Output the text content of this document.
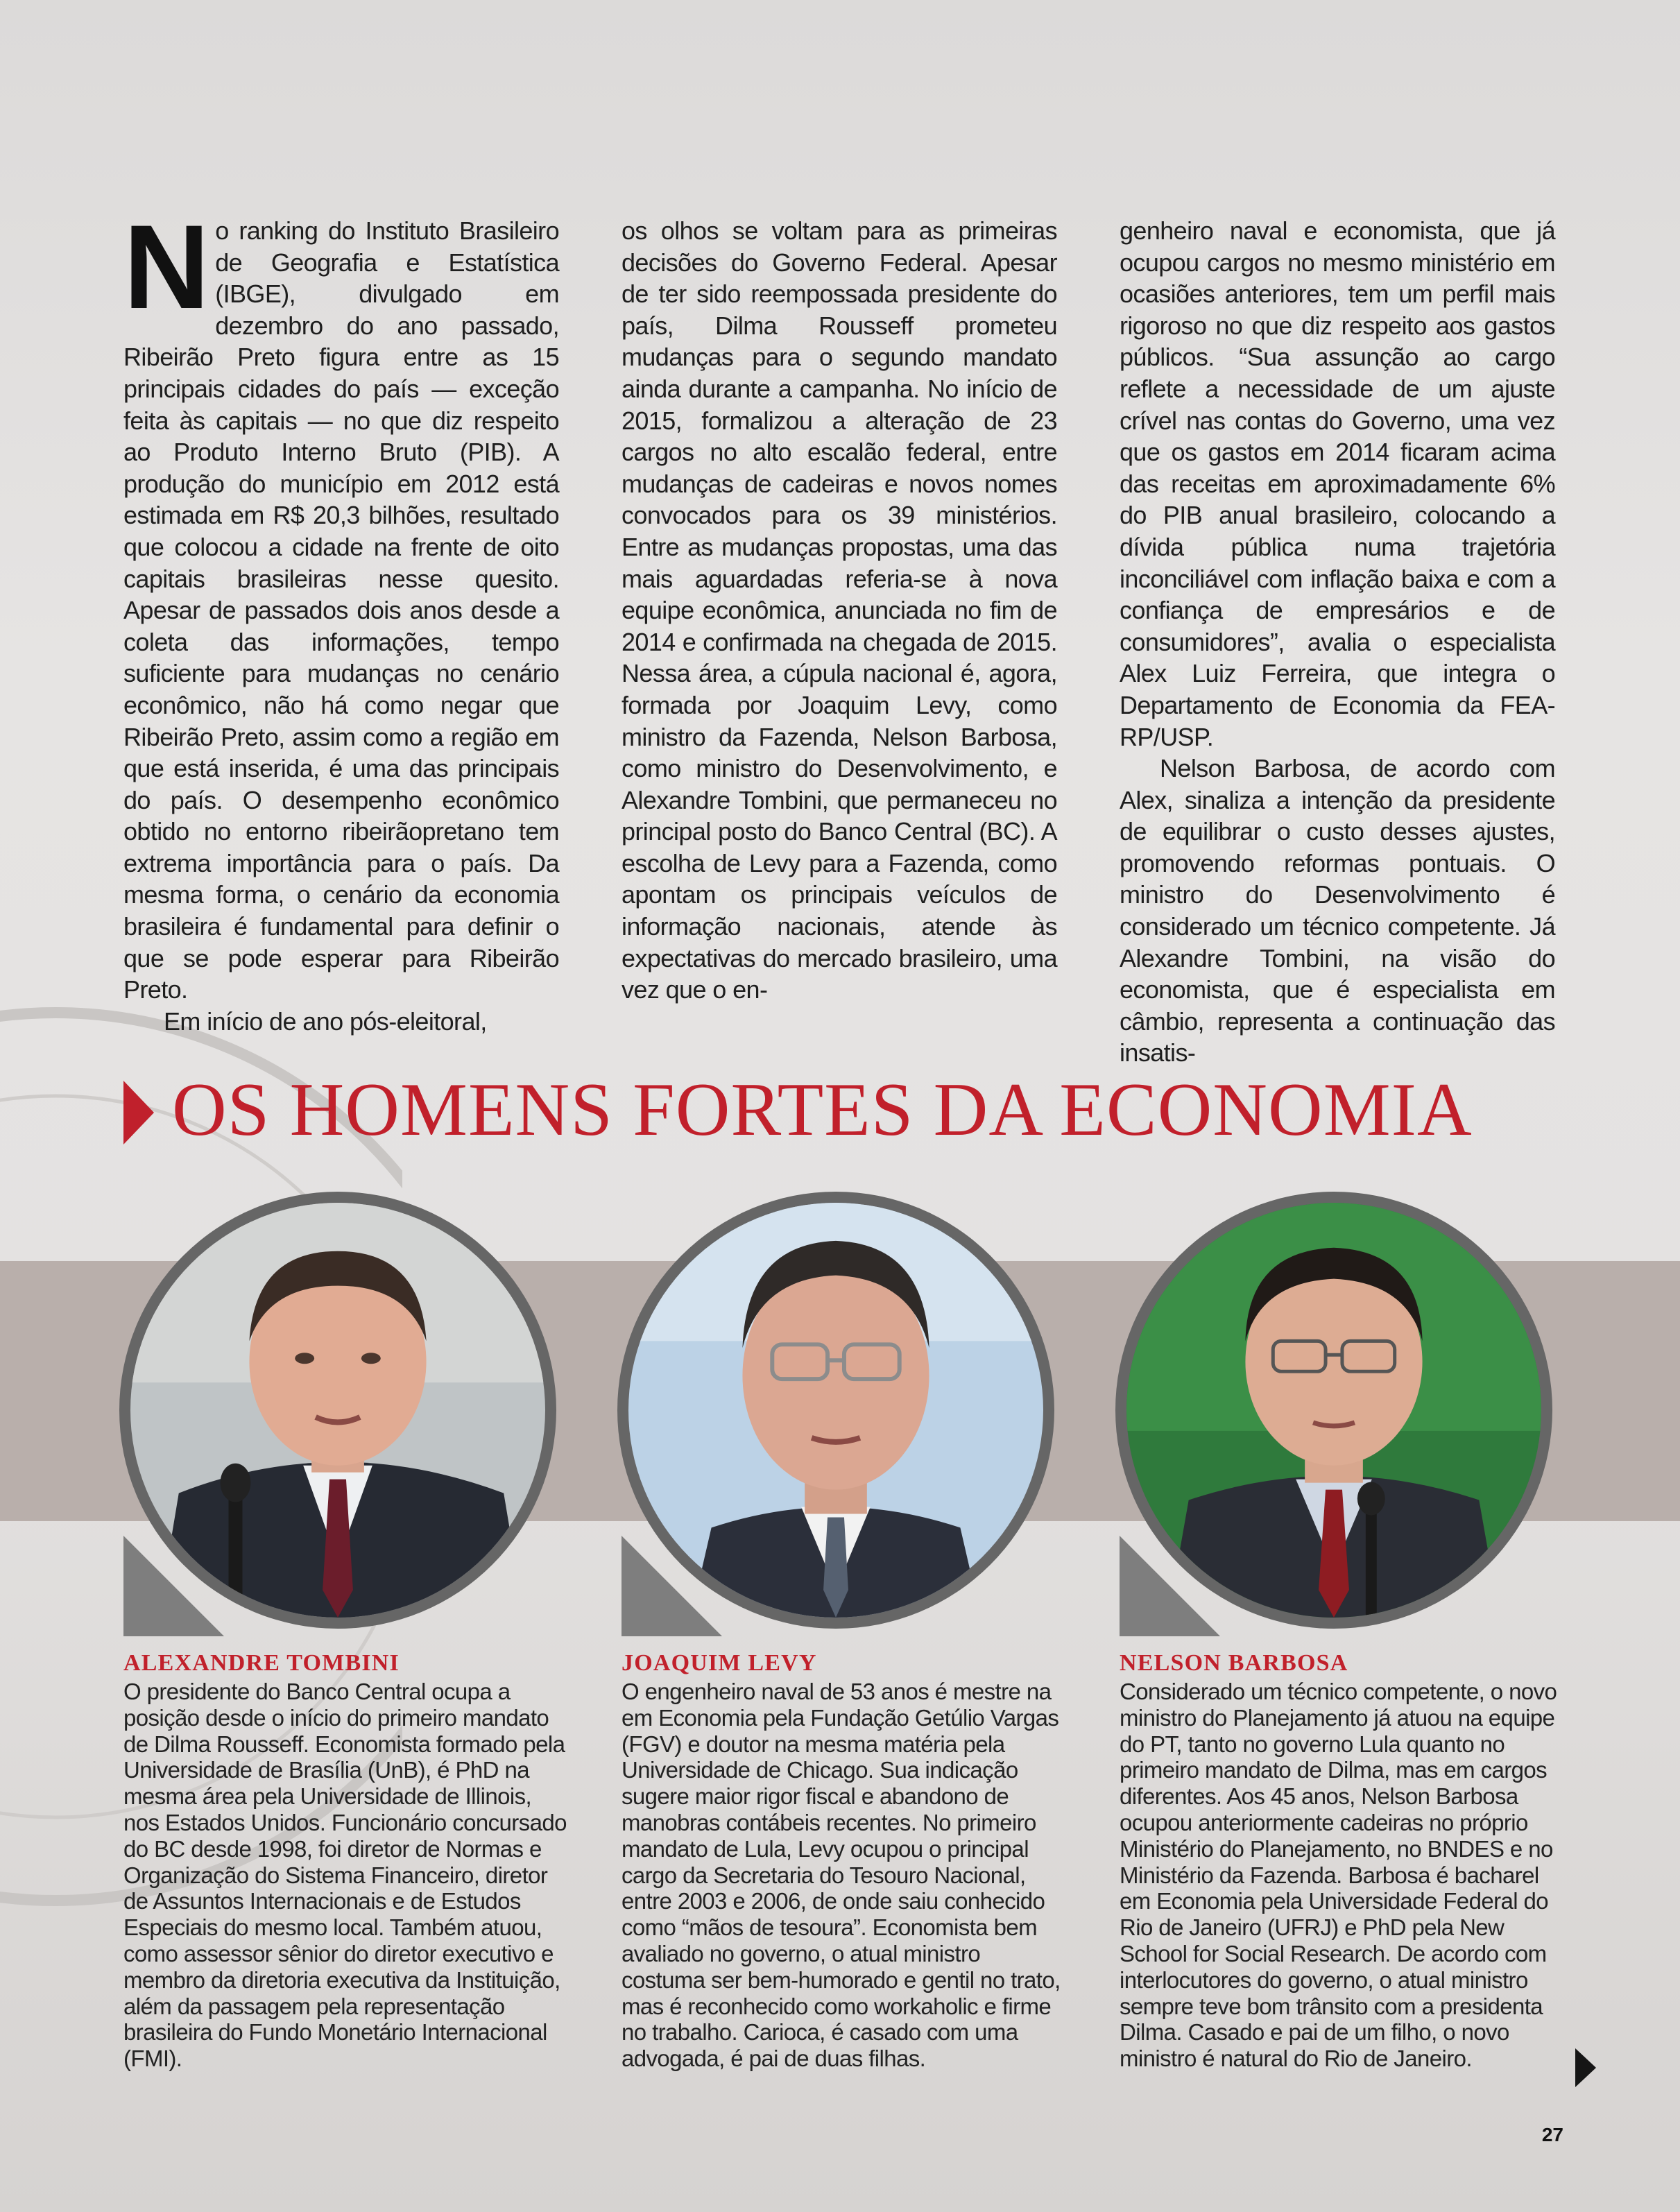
No ranking do Instituto Brasileiro de Geografia e Estatística (IBGE), divulgado em dezembro do ano passado, Ribeirão Preto figura entre as 15 principais cidades do país — exceção feita às capitais — no que diz respeito ao Produto Interno Bruto (PIB). A produção do município em 2012 está estimada em R$ 20,3 bilhões, resultado que colocou a cidade na frente de oito capitais brasileiras nesse quesito. Apesar de passados dois anos desde a coleta das informações, tempo suficiente para mudanças no cenário econômico, não há como negar que Ribeirão Preto, assim como a região em que está inserida, é uma das principais do país. O desempenho econômico obtido no entorno ribeirãopretano tem extrema importância para o país. Da mesma forma, o cenário da economia brasileira é fundamental para definir o que se pode esperar para Ribeirão Preto.

Em início de ano pós-eleitoral,

os olhos se voltam para as primeiras decisões do Governo Federal. Apesar de ter sido reempossada presidente do país, Dilma Rousseff prometeu mudanças para o segundo mandato ainda durante a campanha. No início de 2015, formalizou a alteração de 23 cargos no alto escalão federal, entre mudanças de cadeiras e novos nomes convocados para os 39 ministérios. Entre as mudanças propostas, uma das mais aguardadas referia-se à nova equipe econômica, anunciada no fim de 2014 e confirmada na chegada de 2015. Nessa área, a cúpula nacional é, agora, formada por Joaquim Levy, como ministro da Fazenda, Nelson Barbosa, como ministro do Desenvolvimento, e Alexandre Tombini, que permaneceu no principal posto do Banco Central (BC). A escolha de Levy para a Fazenda, como apontam os principais veículos de informação nacionais, atende às expectativas do mercado brasileiro, uma vez que o en-

genheiro naval e economista, que já ocupou cargos no mesmo ministério em ocasiões anteriores, tem um perfil mais rigoroso no que diz respeito aos gastos públicos. “Sua assunção ao cargo reflete a necessidade de um ajuste crível nas contas do Governo, uma vez que os gastos em 2014 ficaram acima das receitas em aproximadamente 6% do PIB anual brasileiro, colocando a dívida pública numa trajetória inconciliável com inflação baixa e com a confiança de empresários e de consumidores”, avalia o especialista Alex Luiz Ferreira, que integra o Departamento de Economia da FEA-RP/USP.

Nelson Barbosa, de acordo com Alex, sinaliza a intenção da presidente de equilibrar o custo desses ajustes, promovendo reformas pontuais. O ministro do Desenvolvimento é considerado um técnico competente. Já Alexandre Tombini, na visão do economista, que é especialista em câmbio, representa a continuação das insatis-

OS HOMENS FORTES DA ECONOMIA
ALEXANDRE TOMBINI

O presidente do Banco Central ocupa a posição desde o início do primeiro mandato de Dilma Rousseff. Economista formado pela Universidade de Brasília (UnB), é PhD na mesma área pela Universidade de Illinois, nos Estados Unidos. Funcionário concursado do BC desde 1998, foi diretor de Normas e Organização do Sistema Financeiro, diretor de Assuntos Internacionais e de Estudos Especiais do mesmo local. Também atuou, como assessor sênior do diretor executivo e membro da diretoria executiva da Instituição, além da passagem pela representação brasileira do Fundo Monetário Internacional (FMI).

JOAQUIM LEVY

O engenheiro naval de 53 anos é mestre na em Economia pela Fundação Getúlio Vargas (FGV) e doutor na mesma matéria pela Universidade de Chicago. Sua indicação sugere maior rigor fiscal e abandono de manobras contábeis recentes. No primeiro mandato de Lula, Levy ocupou o principal cargo da Secretaria do Tesouro Nacional, entre 2003 e 2006, de onde saiu conhecido como “mãos de tesoura”. Economista bem avaliado no governo, o atual ministro costuma ser bem-humorado e gentil no trato, mas é reconhecido como workaholic e firme no trabalho. Carioca, é casado com uma advogada, é pai de duas filhas.

NELSON BARBOSA

Considerado um técnico competente, o novo ministro do Planejamento já atuou na equipe do PT, tanto no governo Lula quanto no primeiro mandato de Dilma, mas em cargos diferentes. Aos 45 anos, Nelson Barbosa ocupou anteriormente cadeiras no próprio Ministério do Planejamento, no BNDES e no Ministério da Fazenda. Barbosa é bacharel em Economia pela Universidade Federal do Rio de Janeiro (UFRJ) e PhD pela New School for Social Research. De acordo com interlocutores do governo, o atual ministro sempre teve bom trânsito com a presidenta Dilma. Casado e pai de um filho, o novo ministro é natural do Rio de Janeiro.

27
